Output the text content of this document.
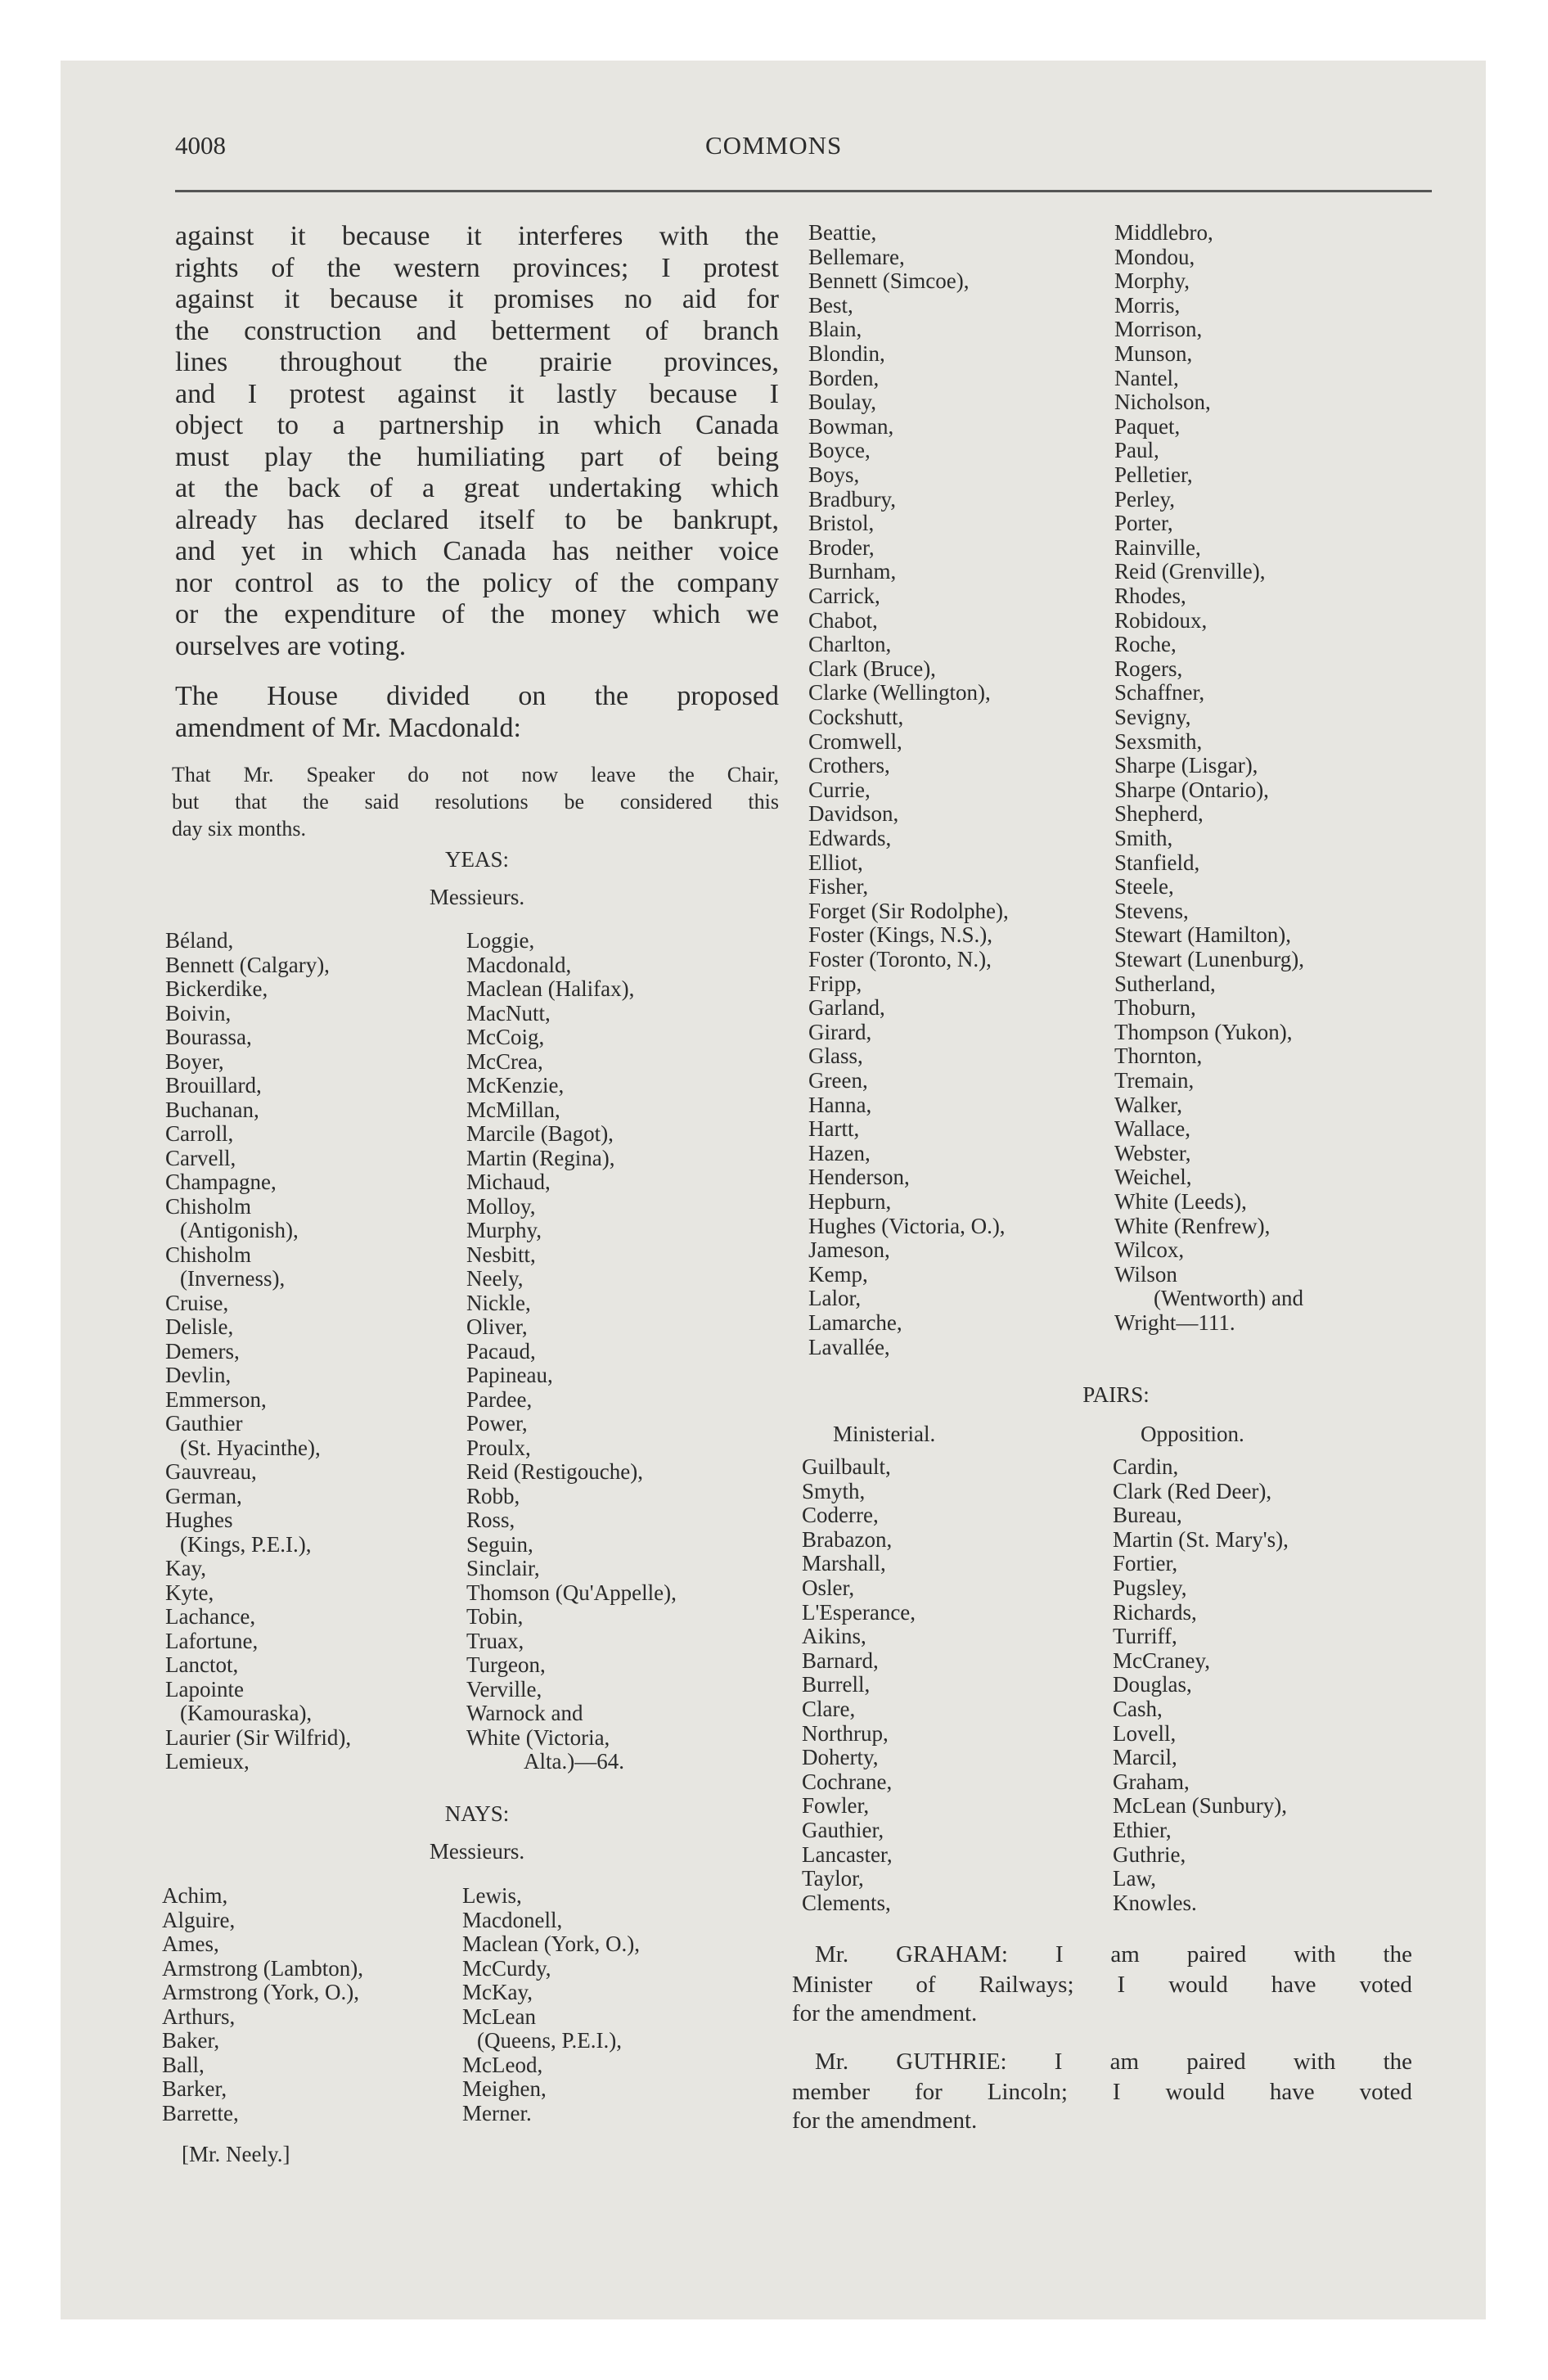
4008	COMMONS
against it because it interferes with the
rights of the western provinces; I protest
against it because it promises no aid for
the construction and betterment of branch
lines throughout the prairie provinces,
and I protest against it lastly because I
object to a partnership in which Canada
must play the humiliating part of being
at the back of a great undertaking which
already has declared itself to be bankrupt,
and yet in which Canada has neither voice
nor control as to the policy of the company
or the expenditure of the money which we
ourselves are voting.
The House divided on the proposed
amendment of Mr. Macdonald:
That Mr. Speaker do not now leave the Chair,
but that the said resolutions be considered this
day six months.
YEAS:
Messieurs.
Béland,
Bennett (Calgary),
Bickerdike,
Boivin,
Bourassa,
Boyer,
Brouillard,
Buchanan,
Carroll,
Carvell,
Champagne,
Chisholm
(Antigonish),
Chisholm
(Inverness),
Cruise,
Delisle,
Demers,
Devlin,
Emmerson,
Gauthier
(St. Hyacinthe),
Gauvreau,
German,
Hughes
(Kings, P.E.I.),
Kay,
Kyte,
Lachance,
Lafortune,
Lanctot,
Lapointe
(Kamouraska),
Laurier (Sir Wilfrid),
Lemieux,
Loggie,
Macdonald,
Maclean (Halifax),
MacNutt,
McCoig,
McCrea,
McKenzie,
McMillan,
Marcile (Bagot),
Martin (Regina),
Michaud,
Molloy,
Murphy,
Nesbitt,
Neely,
Nickle,
Oliver,
Pacaud,
Papineau,
Pardee,
Power,
Proulx,
Reid (Restigouche),
Robb,
Ross,
Seguin,
Sinclair,
Thomson (Qu'Appelle),
Tobin,
Truax,
Turgeon,
Verville,
Warnock and
White (Victoria,
Alta.)—64.
NAYS:
Messieurs.
Achim,
Alguire,
Ames,
Armstrong (Lambton),
Armstrong (York, O.),
Arthurs,
Baker,
Ball,
Barker,
Barrette,
Lewis,
Macdonell,
Maclean (York, O.),
McCurdy,
McKay,
McLean
(Queens, P.E.I.),
McLeod,
Meighen,
Merner.
[Mr. Neely.]
Beattie,
Bellemare,
Bennett (Simcoe),
Best,
Blain,
Blondin,
Borden,
Boulay,
Bowman,
Boyce,
Boys,
Bradbury,
Bristol,
Broder,
Burnham,
Carrick,
Chabot,
Charlton,
Clark (Bruce),
Clarke (Wellington),
Cockshutt,
Cromwell,
Crothers,
Currie,
Davidson,
Edwards,
Elliot,
Fisher,
Forget (Sir Rodolphe),
Foster (Kings, N.S.),
Foster (Toronto, N.),
Fripp,
Garland,
Girard,
Glass,
Green,
Hanna,
Hartt,
Hazen,
Henderson,
Hepburn,
Hughes (Victoria, O.),
Jameson,
Kemp,
Lalor,
Lamarche,
Lavallée,
Middlebro,
Mondou,
Morphy,
Morris,
Morrison,
Munson,
Nantel,
Nicholson,
Paquet,
Paul,
Pelletier,
Perley,
Porter,
Rainville,
Reid (Grenville),
Rhodes,
Robidoux,
Roche,
Rogers,
Schaffner,
Sevigny,
Sexsmith,
Sharpe (Lisgar),
Sharpe (Ontario),
Shepherd,
Smith,
Stanfield,
Steele,
Stevens,
Stewart (Hamilton),
Stewart (Lunenburg),
Sutherland,
Thoburn,
Thompson (Yukon),
Thornton,
Tremain,
Walker,
Wallace,
Webster,
Weichel,
White (Leeds),
White (Renfrew),
Wilcox,
Wilson
(Wentworth) and
Wright—111.
PAIRS:
Ministerial.	Opposition.
Guilbault,
Smyth,
Coderre,
Brabazon,
Marshall,
Osler,
L'Esperance,
Aikins,
Barnard,
Burrell,
Clare,
Northrup,
Doherty,
Cochrane,
Fowler,
Gauthier,
Lancaster,
Taylor,
Clements,
Cardin,
Clark (Red Deer),
Bureau,
Martin (St. Mary's),
Fortier,
Pugsley,
Richards,
Turriff,
McCraney,
Douglas,
Cash,
Lovell,
Marcil,
Graham,
McLean (Sunbury),
Ethier,
Guthrie,
Law,
Knowles.
Mr. GRAHAM: I am paired with the
Minister of Railways; I would have voted
for the amendment.
Mr. GUTHRIE: I am paired with the
member for Lincoln; I would have voted
for the amendment.
